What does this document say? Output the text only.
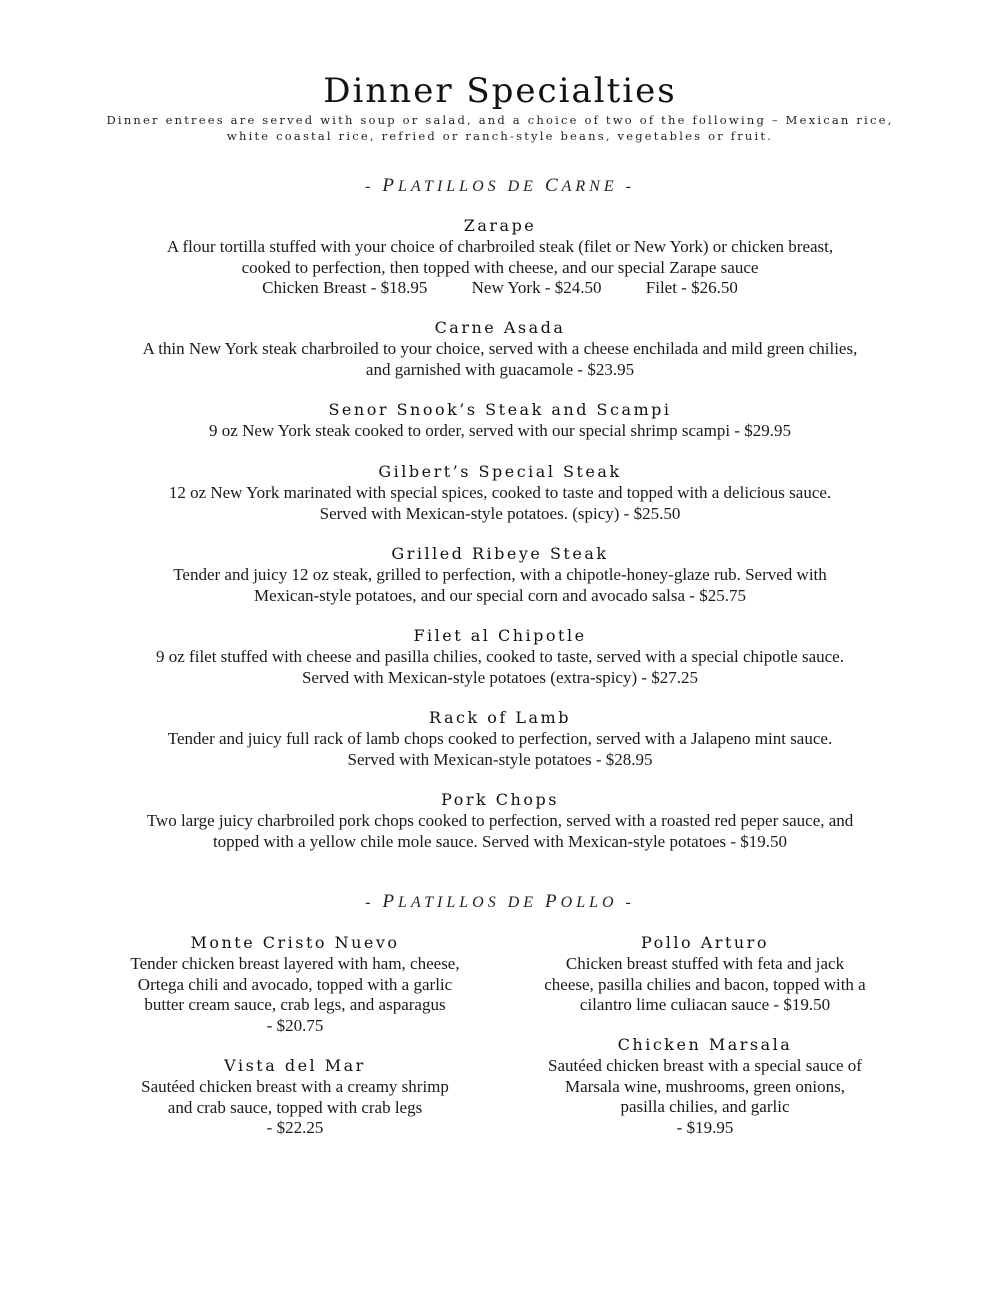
Dinner Specialties
Dinner entrees are served with soup or salad, and a choice of two of the following – Mexican rice,
white coastal rice, refried or ranch-style beans, vegetables or fruit.
- PLATILLOS DE CARNE -
Zarape
A flour tortilla stuffed with your choice of charbroiled steak (filet or New York) or chicken breast,
cooked to perfection, then topped with cheese, and our special Zarape sauce
Chicken Breast - $18.95	New York - $24.50	Filet - $26.50
Carne Asada
A thin New York steak charbroiled to your choice, served with a cheese enchilada and mild green chilies,
and garnished with guacamole - $23.95
Senor Snook’s Steak and Scampi
9 oz New York steak cooked to order, served with our special shrimp scampi - $29.95
Gilbert’s Special Steak
12 oz New York marinated with special spices, cooked to taste and topped with a delicious sauce.
Served with Mexican-style potatoes. (spicy) - $25.50
Grilled Ribeye Steak
Tender and juicy 12 oz steak, grilled to perfection, with a chipotle-honey-glaze rub. Served with
Mexican-style potatoes, and our special corn and avocado salsa - $25.75
Filet al Chipotle
9 oz filet stuffed with cheese and pasilla chilies, cooked to taste, served with a special chipotle sauce.
Served with Mexican-style potatoes (extra-spicy) - $27.25
Rack of Lamb
Tender and juicy full rack of lamb chops cooked to perfection, served with a Jalapeno mint sauce.
Served with Mexican-style potatoes - $28.95
Pork Chops
Two large juicy charbroiled pork chops cooked to perfection, served with a roasted red peper sauce, and
topped with a yellow chile mole sauce. Served with Mexican-style potatoes - $19.50
- PLATILLOS DE POLLO -
Monte Cristo Nuevo
Tender chicken breast layered with ham, cheese,
Ortega chili and avocado, topped with a garlic
butter cream sauce, crab legs, and asparagus
- $20.75
Vista del Mar
Sautéed chicken breast with a creamy shrimp
and crab sauce, topped with crab legs
- $22.25
Pollo Arturo
Chicken breast stuffed with feta and jack
cheese, pasilla chilies and bacon, topped with a
cilantro lime culiacan sauce - $19.50
Chicken Marsala
Sautéed chicken breast with a special sauce of
Marsala wine, mushrooms, green onions,
pasilla chilies, and garlic
- $19.95
